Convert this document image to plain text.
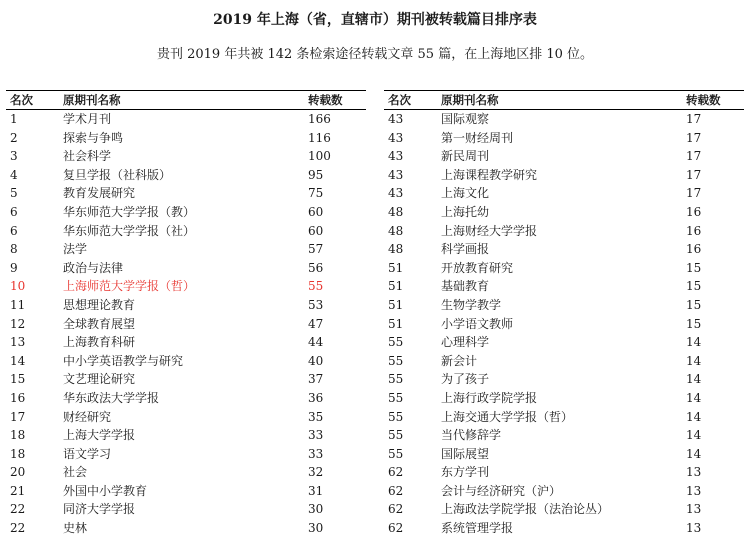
2019 年上海（省，直辖市）期刊被转载篇目排序表
贵刊 2019 年共被 142 条检索途径转载文章 55 篇，在上海地区排 10 位。
名次	原期刊名称	转载数
1	学术月刊	166
2	探索与争鸣	116
3	社会科学	100
4	复旦学报（社科版）	95
5	教育发展研究	75
6	华东师范大学学报（教）	60
6	华东师范大学学报（社）	60
8	法学	57
9	政治与法律	56
10	上海师范大学学报（哲）	55
11	思想理论教育	53
12	全球教育展望	47
13	上海教育科研	44
14	中小学英语教学与研究	40
15	文艺理论研究	37
16	华东政法大学学报	36
17	财经研究	35
18	上海大学学报	33
18	语文学习	33
20	社会	32
21	外国中小学教育	31
22	同济大学学报	30
22	史林	30
名次	原期刊名称	转载数
43	国际观察	17
43	第一财经周刊	17
43	新民周刊	17
43	上海课程教学研究	17
43	上海文化	17
48	上海托幼	16
48	上海财经大学学报	16
48	科学画报	16
51	开放教育研究	15
51	基础教育	15
51	生物学教学	15
51	小学语文教师	15
55	心理科学	14
55	新会计	14
55	为了孩子	14
55	上海行政学院学报	14
55	上海交通大学学报（哲）	14
55	当代修辞学	14
55	国际展望	14
62	东方学刊	13
62	会计与经济研究（沪）	13
62	上海政法学院学报（法治论丛）	13
62	系统管理学报	13
